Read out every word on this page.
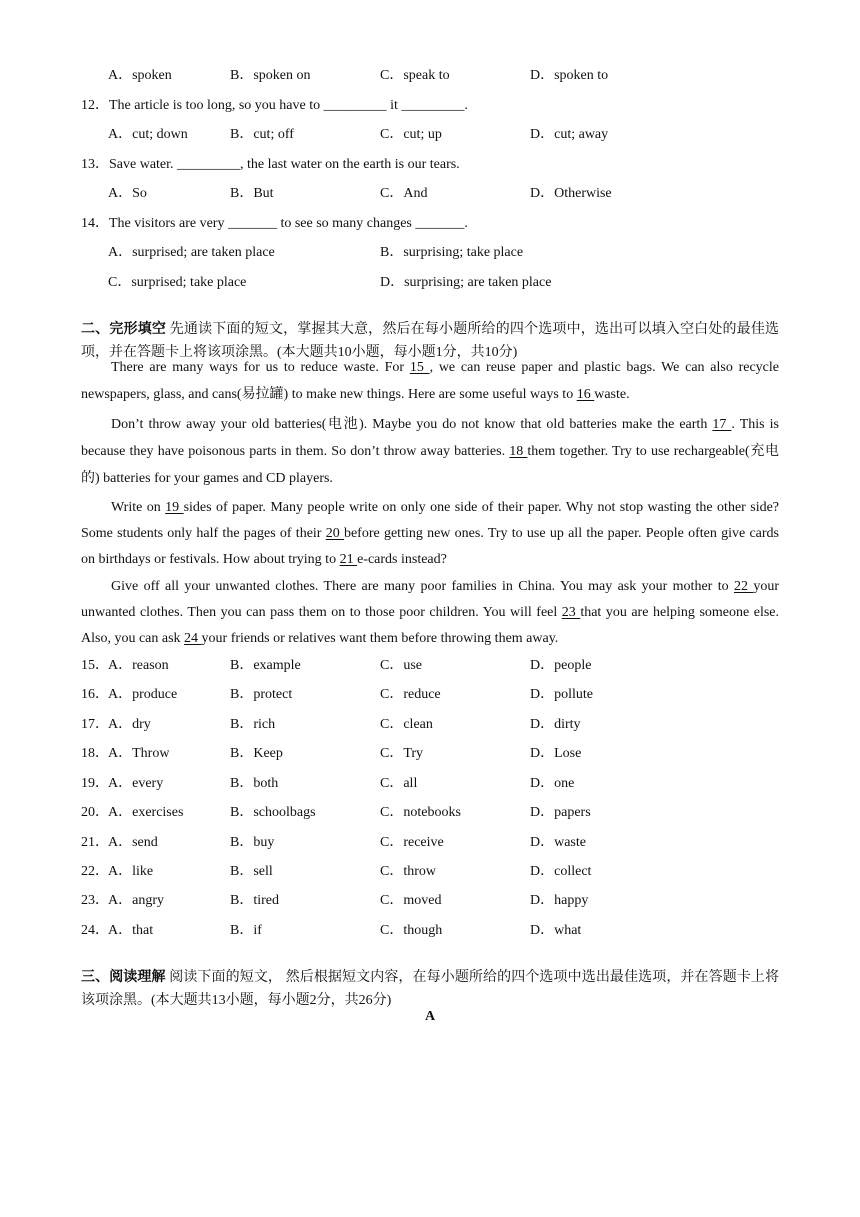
A．spoken	B．spoken on	C．speak to	D．spoken to
12．The article is too long, so you have to _________ it _________.
A．cut; down	B．cut; off	C．cut; up	D．cut; away
13．Save water. _________, the last water on the earth is our tears.
A．So	B．But	C．And	D．Otherwise
14．The visitors are very _______ to see so many changes _______.
A．surprised; are taken place	B．surprising; take place
C．surprised; take place	D．surprising; are taken place
二、完形填空 先通读下面的短文，掌握其大意，然后在每小题所给的四个选项中，选出可以填入空白处的最佳选项，并在答题卡上将该项涂黑。(本大题共10小题，每小题1分，共10分)
There are many ways for us to reduce waste. For 15 , we can reuse paper and plastic bags. We can also recycle newspapers, glass, and cans(易拉罐) to make new things. Here are some useful ways to 16 waste.
Don’t throw away your old batteries(电池). Maybe you do not know that old batteries make the earth 17 . This is because they have poisonous parts in them. So don’t throw away batteries. 18 them together. Try to use rechargeable(充电的) batteries for your games and CD players.
Write on 19 sides of paper. Many people write on only one side of their paper. Why not stop wasting the other side? Some students only half the pages of their 20 before getting new ones. Try to use up all the paper. People often give cards on birthdays or festivals. How about trying to 21 e-cards instead?
Give off all your unwanted clothes. There are many poor families in China. You may ask your mother to 22 your unwanted clothes. Then you can pass them on to those poor children. You will feel 23 that you are helping someone else. Also, you can ask 24 your friends or relatives want them before throwing them away.
15． A．reason	B．example	C．use	D．people
16． A．produce	B．protect	C．reduce	D．pollute
17． A．dry	B．rich	C．clean	D．dirty
18． A．Throw	B．Keep	C．Try	D．Lose
19． A．every	B．both	C．all	D．one
20． A．exercises	B．schoolbags	C．notebooks	D．papers
21． A．send	B．buy	C．receive	D．waste
22． A．like	B．sell	C．throw	D．collect
23． A．angry	B．tired	C．moved	D．happy
24． A．that	B．if	C．though	D．what
三、阅读理解 阅读下面的短文， 然后根据短文内容，在每小题所给的四个选项中选出最佳选项，并在答题卡上将该项涂黑。(本大题共13小题，每小题2分，共26分)
A
